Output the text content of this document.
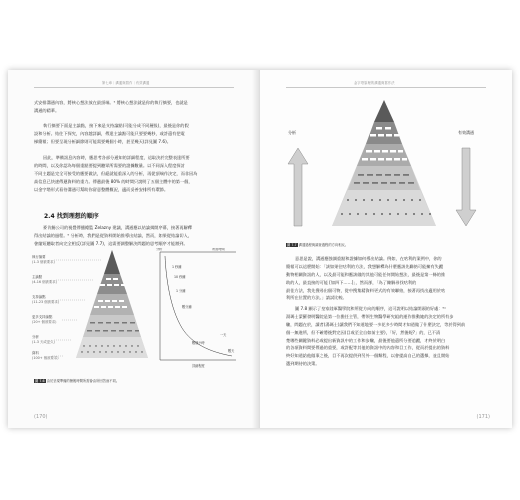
第七章｜溝通與寫作｜有效溝通
式安排溝通內容，將核心想法放在最頂端。⁵ 將核心想法就是你的執行摘要，也就是
溝通的精華。
執行摘要下面是主論點，接下來是支持論點(可能分成不同層級)，最後是你的假
設和分析。結往下探究，內容越詳細，傳達主論點可能只要要幾秒，或許還有把電
梯簡報；但要呈現分析細節則可能需要幾個小時，甚至幾天(詳見圖 7.6)。
因此，準備訊息內容時，應思考各部分通知的詳細程度，這取決於完整表達所要
的時間，以及你認為每個重點要提到聽眾所需要的證據數量。以不同深入程度探討
不同主題是完全可接受的應要做法，但絕就能重深入的分析，再從頂端作決定，而非因為
高信息已快速傳遞資料的重力。傳遞最後 80% 的時間只說明了五個主體中的第一個，
以金字塔形式看待溝通可幫助你留意整體概況，適而妥善安排所有環節。
2.4 找到理想的順序
麥肯錫公司的視覺傳播總監 Zelazny 建議，溝通應以結論揭開序幕，接著再解釋
得出結論的過程。⁶ 分析時，我們是從資料開始推導出結論，然而，如果從結論切入，
會縮短聽取者向完全相反(詳見圖 7.7)，這需要調整解決問題的思考順序才能辦到。
執行摘要
(1-3 個被要求)
主論點
(4-16 個被要求)
支持論點
(11-23 個被要求)
更多支持論點
(20+ 個被要求)
分析
(1-3 天或更久)
資料
(100+ 個被要求)
分析	所需時間
1 秒鐘
10 秒鐘
1 分鐘
數分鐘
一天
數個小時
數天
詳細程度
圖 7.6 由於呈現準備的簡報時間所需會由所回答而不同。
(170)
金字塔原理的溝通與寫作法
分析	有效溝通
圖 7.7 溝通過程與調查過程的方向相反。
意思是說，溝通應強調重點和證據如何導出結論。例如，在咕利的案例中，你的
簡報可以這麼開始：「該如果往咕利的方法，我想解釋為什麼應該先聯絡可能擁有失蹤
動物相關資訊的人，以及最可能和應該做的其他可能任何開始想法，最後是第一條的推
助的人，最直接的可能 [如四下……]」，然而卻，「為了陳解尋找咕利的
最佳方法，我先搜尋出個可物，從中搜集精資料更式的有效聯絡，接著再找出適用於咕
利所在位置的方法。」請試比較。
圖 7.8 顯示了皇家陸軍醫學院和所從方向的順序，這可說明以結論開頭的好處：⁶ᵃ
湯瑪士蒙羅發明醫院是第一位擔任主管，帶領生物醫學研究組的運作推動她的決定的所有步
驟，問題在於，讀者(湯瑪士)讓我們不知道地要一多花多少時間才知道做了什麼決定，等於得到前
個一無進所，但不確將後對完因(目或至全自如前主要)，「好，然後呢?」的，已不清
楚哪些關鍵資料必或提出新資訊中的工作和步驟，最後要他還所分要追蹤，才終於明白
的各項資料間要傳過的重要，或許配等其他的資訊中的內容和目工作，從而於提出的資料
終好知道給他做事之後，目不再次提供到另外一個類程，以會提高自己的選擇，並且開始
選到期待的決策。
(171)
